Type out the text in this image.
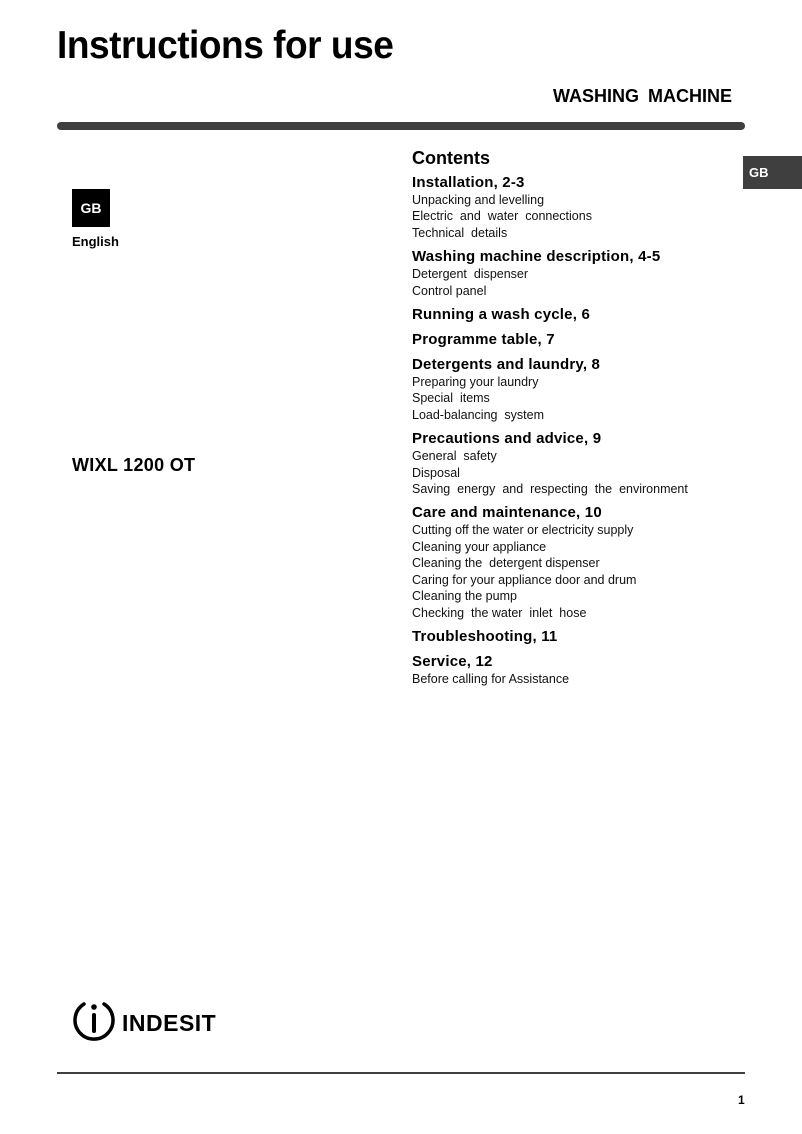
Instructions for use
WASHING MACHINE
GB
English
WIXL 1200 OT
GB
Contents
Installation, 2-3
Unpacking and levelling
Electric  and  water  connections
Technical  details
Washing machine description, 4-5
Detergent  dispenser
Control panel
Running a wash cycle, 6
Programme table, 7
Detergents and laundry, 8
Preparing your laundry
Special  items
Load-balancing  system
Precautions and advice, 9
General  safety
Disposal
Saving  energy  and  respecting  the  environment
Care and maintenance, 10
Cutting off the water or electricity supply
Cleaning your appliance
Cleaning the  detergent dispenser
Caring for your appliance door and drum
Cleaning the pump
Checking  the water  inlet  hose
Troubleshooting, 11
Service, 12
Before calling for Assistance
indesit
1
